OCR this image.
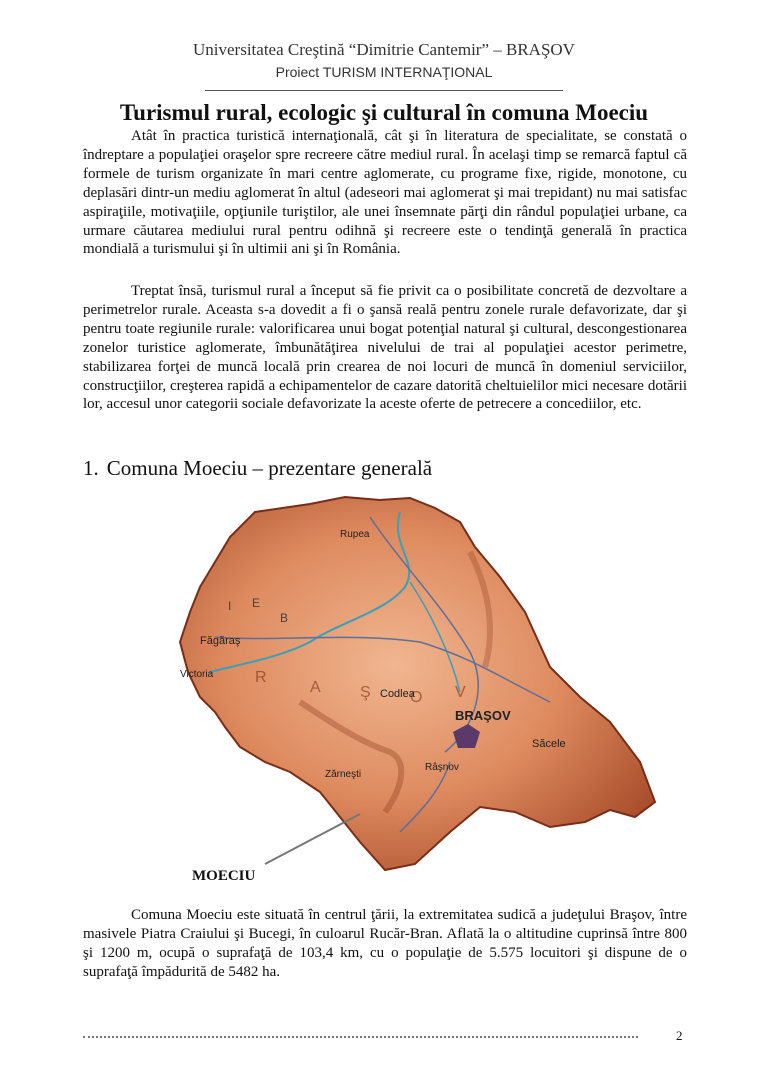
Universitatea Creştină “Dimitrie Cantemir” – BRAŞOV
Proiect TURISM INTERNAŢIONAL
Turismul rural, ecologic şi cultural în comuna Moeciu

Atât în practica turistică internaţională, cât şi în literatura de specialitate, se constată o îndreptare a populaţiei oraşelor spre recreere către mediul rural. În acelaşi timp se remarcă faptul că formele de turism organizate în mari centre aglomerate, cu programe fixe, rigide, monotone, cu deplasări dintr-un mediu aglomerat în altul (adeseori mai aglomerat şi mai trepidant) nu mai satisfac aspiraţiile, motivaţiile, opţiunile turiştilor, ale unei însemnate părţi din rândul populaţiei urbane, ca urmare căutarea mediului rural pentru odihnă şi recreere este o tendinţă generală în practica mondială a turismului şi în ultimii ani şi în România.

Treptat însă, turismul rural a început să fie privit ca o posibilitate concretă de dezvoltare a perimetrelor rurale. Aceasta s-a dovedit a fi o şansă reală pentru zonele rurale defavorizate, dar şi pentru toate regiunile rurale: valorificarea unui bogat potenţial natural şi cultural, descongestionarea zonelor turistice aglomerate, îmbunătăţirea nivelului de trai al populaţiei acestor perimetre, stabilizarea forţei de muncă locală prin crearea de noi locuri de muncă în domeniul serviciilor, construcţiilor, creşterea rapidă a echipamentelor de cazare datorită cheltuielilor mici necesare dotării lor, accesul unor categorii sociale defavorizate la aceste oferte de petrecere a concediilor, etc.

1. Comuna Moeciu – prezentare generală
B
R
A Ş O V
I E
BRAŞOV
Făgăraş
Codlea
Săcele
Rupea
Râşnov
Zărneşti
Victoria
MOECIU

Comuna Moeciu este situată în centrul ţării, la extremitatea sudică a judeţului Braşov, între masivele Piatra Craiului şi Bucegi, în culoarul Rucăr-Bran. Aflată la o altitudine cuprinsă între 800 şi 1200 m, ocupă o suprafaţă de 103,4 km, cu o populaţie de 5.575 locuitori şi dispune de o suprafaţă împădurită de 5482 ha.

2
